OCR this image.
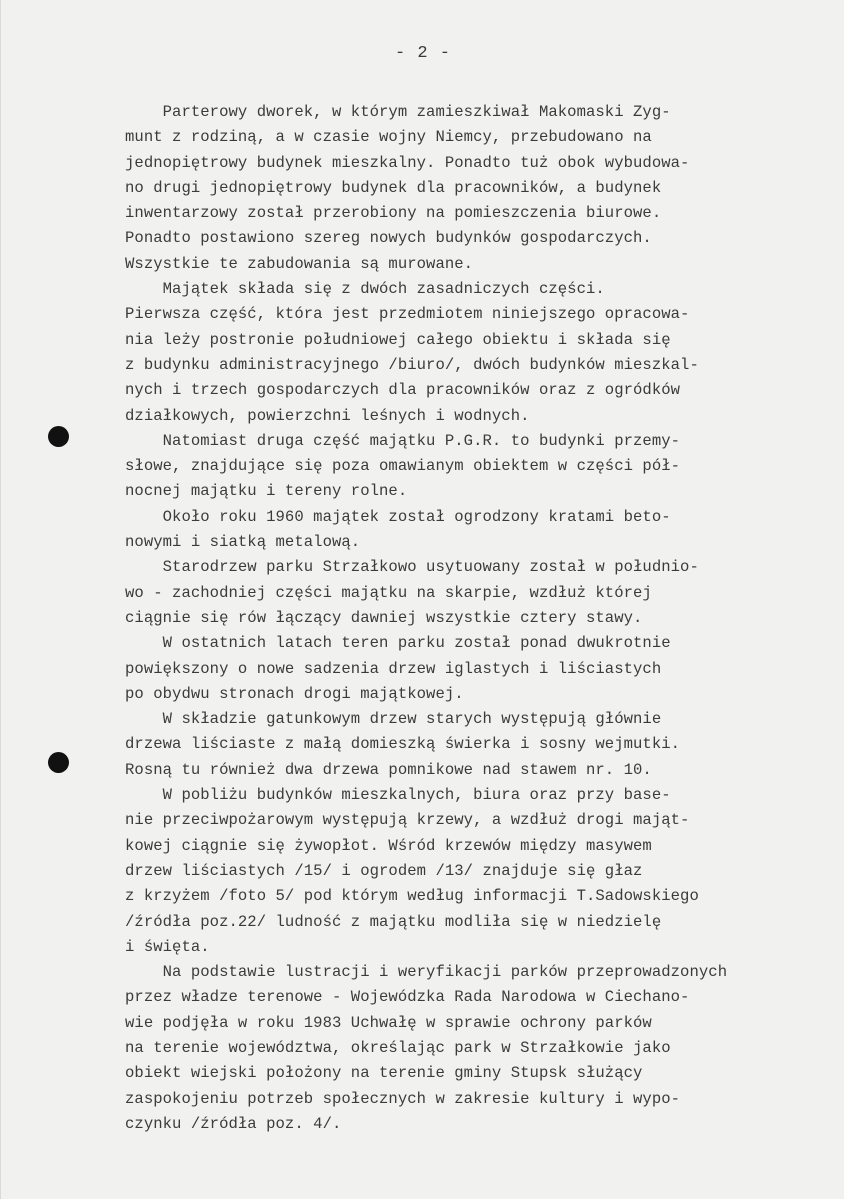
- 2 -
Parterowy dworek, w którym zamieszkiwał Makomaski Zyg-
munt z rodziną, a w czasie wojny Niemcy, przebudowano na
jednopiętrowy budynek mieszkalny. Ponadto tuż obok wybudowa-
no drugi jednopiętrowy budynek dla pracowników, a budynek
inwentarzowy został przerobiony na pomieszczenia biurowe.
Ponadto postawiono szereg nowych budynków gospodarczych.
Wszystkie te zabudowania są murowane.
Majątek składa się z dwóch zasadniczych części.
Pierwsza część, która jest przedmiotem niniejszego opracowa-
nia leży postronie południowej całego obiektu i składa się
z budynku administracyjnego /biuro/, dwóch budynków mieszkal-
nych i trzech gospodarczych dla pracowników oraz z ogródków
działkowych, powierzchni leśnych i wodnych.
Natomiast druga część majątku P.G.R. to budynki przemy-
słowe, znajdujące się poza omawianym obiektem w części pół-
nocnej majątku i tereny rolne.
Około roku 1960 majątek został ogrodzony kratami beto-
nowymi i siatką metalową.
Starodrzew parku Strzałkowo usytuowany został w południo-
wo - zachodniej części majątku na skarpie, wzdłuż której
ciągnie się rów łączący dawniej wszystkie cztery stawy.
W ostatnich latach teren parku został ponad dwukrotnie
powiększony o nowe sadzenia drzew iglastych i liściastych
po obydwu stronach drogi majątkowej.
W składzie gatunkowym drzew starych występują głównie
drzewa liściaste z małą domieszką świerka i sosny wejmutki.
Rosną tu również dwa drzewa pomnikowe nad stawem nr. 10.
W pobliżu budynków mieszkalnych, biura oraz przy base-
nie przeciwpożarowym występują krzewy, a wzdłuż drogi mająt-
kowej ciągnie się żywopłot. Wśród krzewów między masywem
drzew liściastych /15/ i ogrodem /13/ znajduje się głaz
z krzyżem /foto 5/ pod którym według informacji T.Sadowskiego
/źródła poz.22/ ludność z majątku modliła się w niedzielę
i święta.
Na podstawie lustracji i weryfikacji parków przeprowadzonych
przez władze terenowe - Wojewódzka Rada Narodowa w Ciechano-
wie podjęła w roku 1983 Uchwałę w sprawie ochrony parków
na terenie województwa, określając park w Strzałkowie jako
obiekt wiejski położony na terenie gminy Stupsk służący
zaspokojeniu potrzeb społecznych w zakresie kultury i wypo-
czynku /źródła poz. 4/.
